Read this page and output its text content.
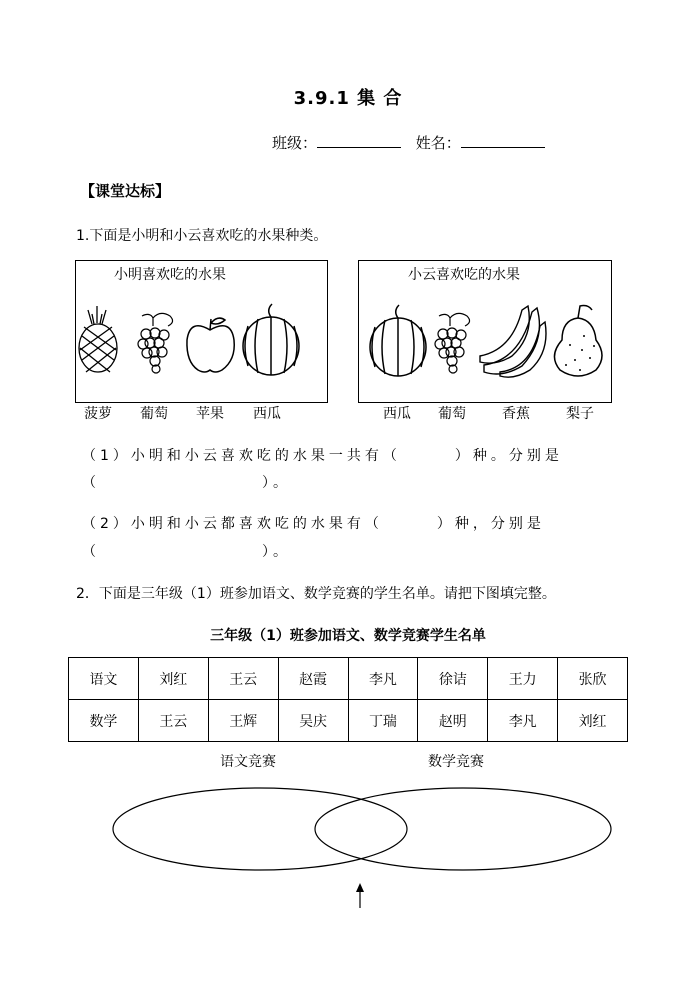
3.9.1 集 合
班级：	姓名：
【课堂达标】
1.下面是小明和小云喜欢吃的水果种类。
小明喜欢吃的水果	小云喜欢吃的水果
菠萝 葡萄 苹果 西瓜	西瓜 葡萄	香蕉	梨子
（1）小明和小云喜欢吃的水果一共有（　　　）种。分别是
（　　　　　　　　　）。
（2）小明和小云都喜欢吃的水果有（　　　）种，分别是
（　　　　　　　　　）。
2．下面是三年级（1）班参加语文、数学竞赛的学生名单。请把下图填完整。
三年级（1）班参加语文、数学竞赛学生名单
语文	刘红	王云	赵霞	李凡	徐诘	王力	张欣
数学	王云	王辉	吴庆	丁瑞	赵明	李凡	刘红
语文竞赛	数学竞赛
